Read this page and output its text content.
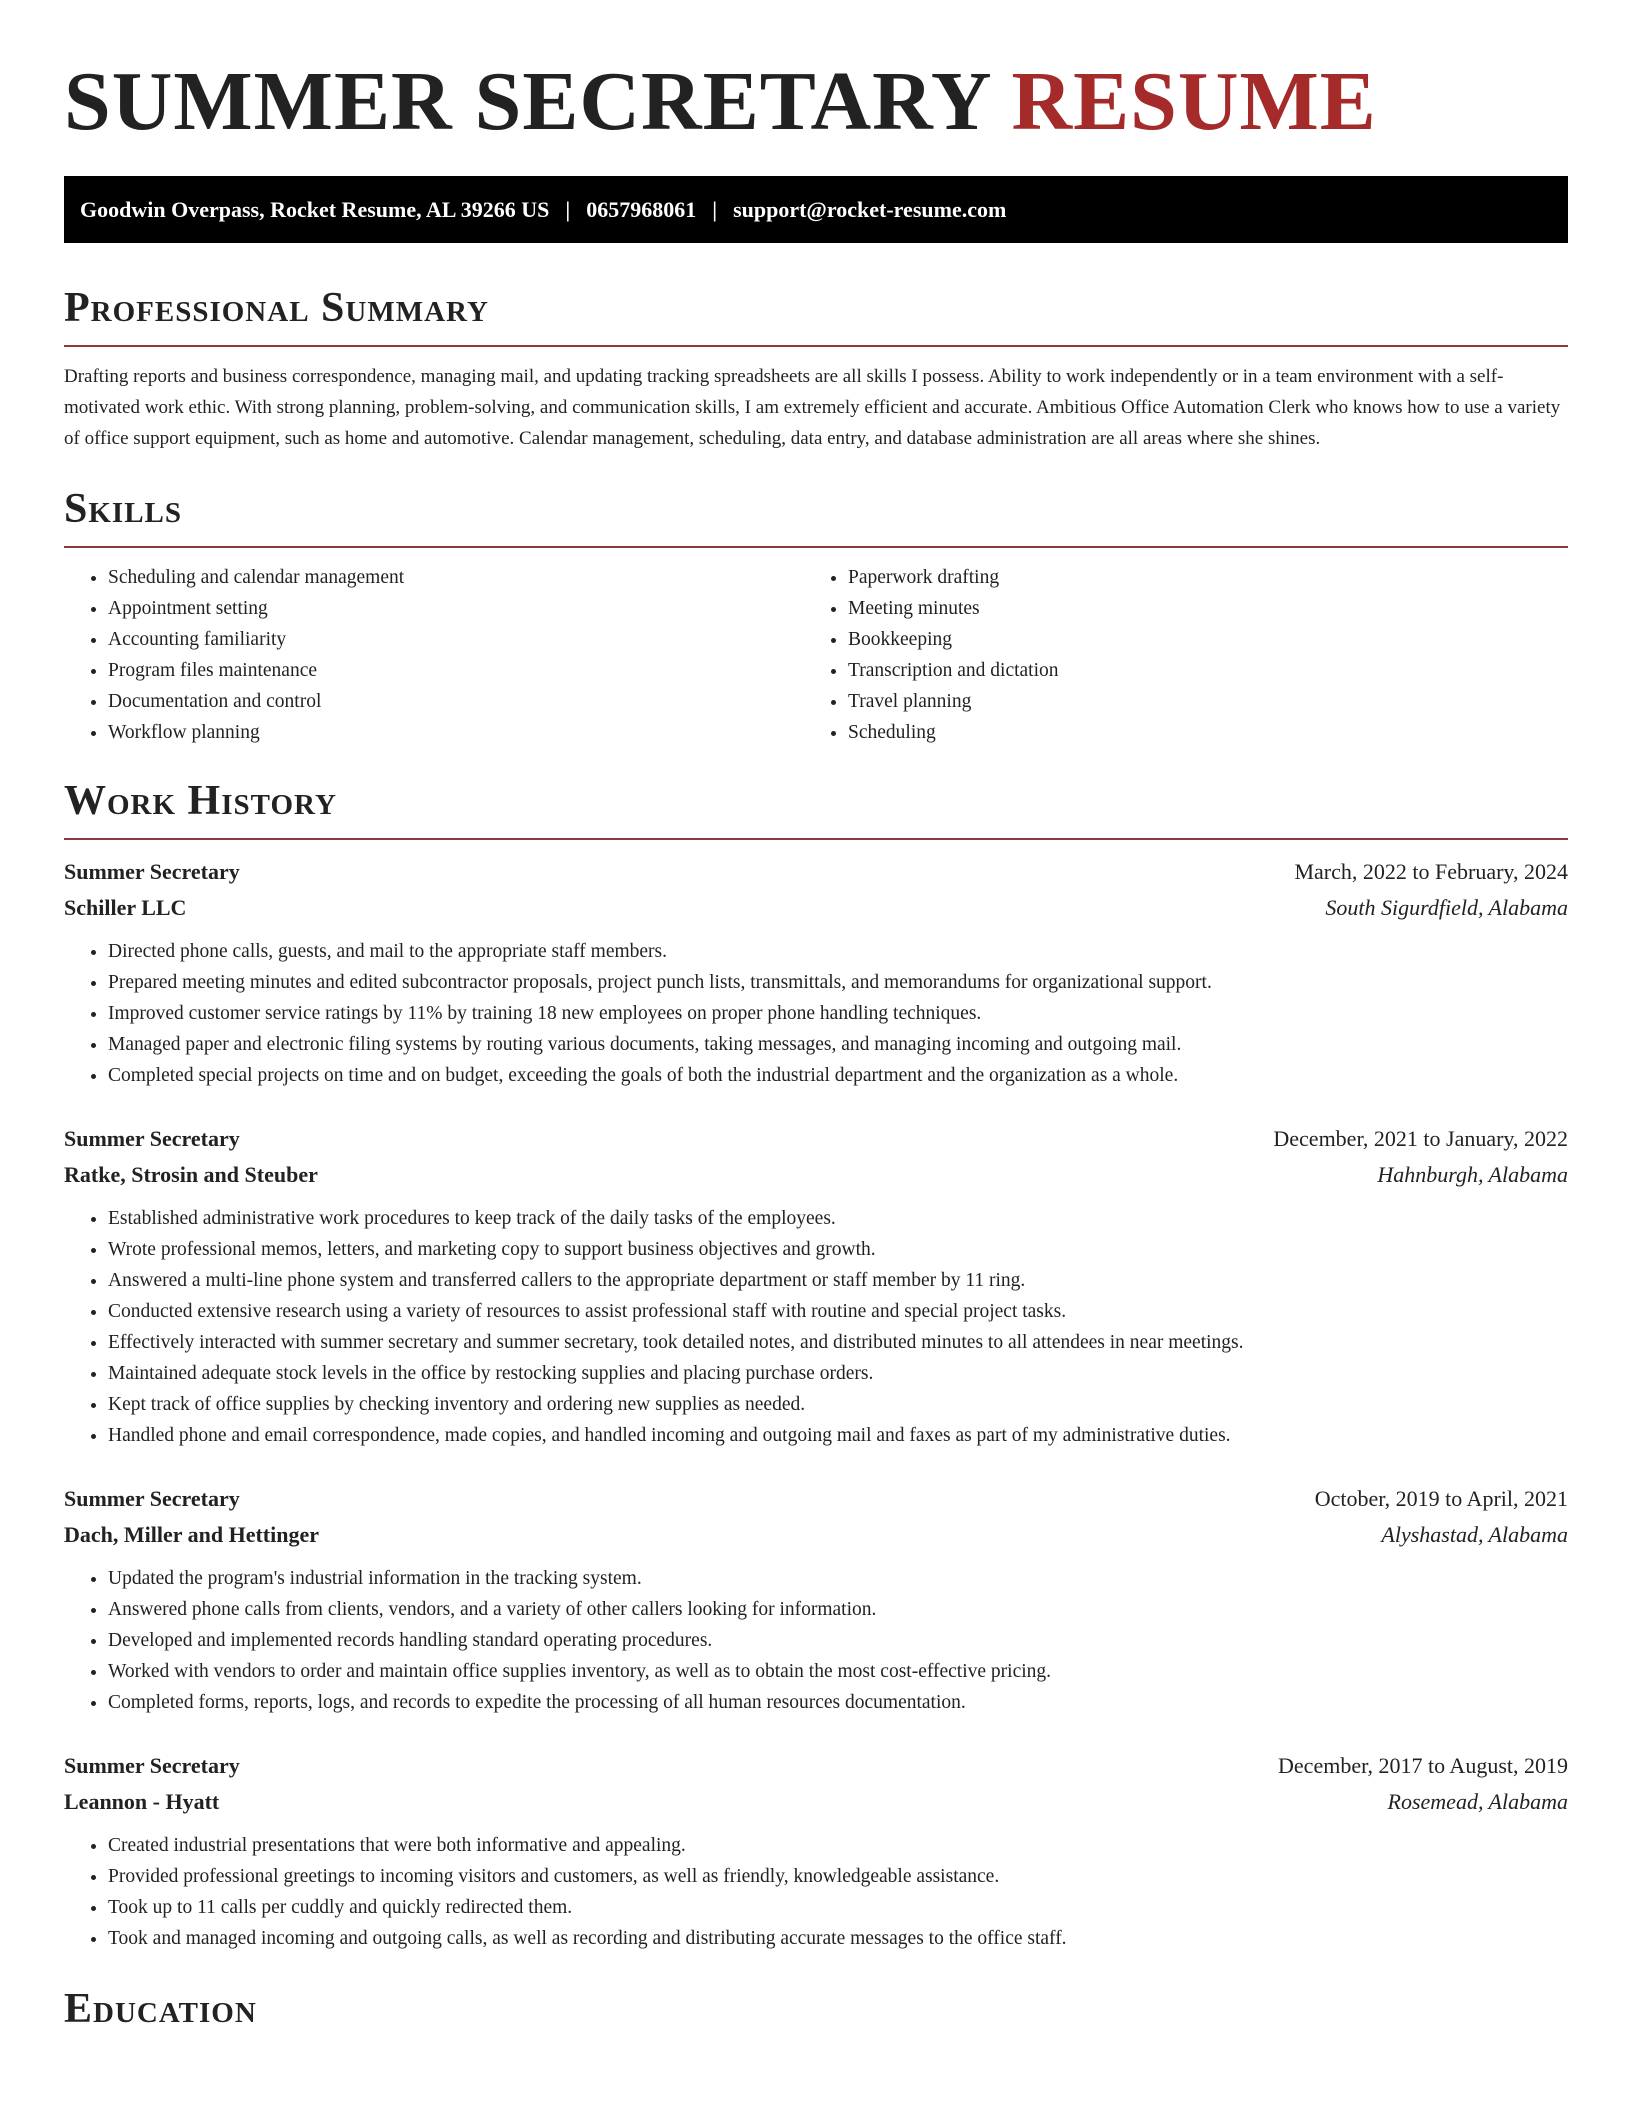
SUMMER SECRETARY RESUME
Goodwin Overpass, Rocket Resume, AL 39266 US | 0657968061 | support@rocket-resume.com
Professional Summary

Drafting reports and business correspondence, managing mail, and updating tracking spreadsheets are all skills I possess. Ability to work independently or in a team environment with a self-motivated work ethic. With strong planning, problem-solving, and communication skills, I am extremely efficient and accurate. Ambitious Office Automation Clerk who knows how to use a variety of office support equipment, such as home and automotive. Calendar management, scheduling, data entry, and database administration are all areas where she shines.

Skills
• Scheduling and calendar management
• Appointment setting
• Accounting familiarity
• Program files maintenance
• Documentation and control
• Workflow planning
• Paperwork drafting
• Meeting minutes
• Bookkeeping
• Transcription and dictation
• Travel planning
• Scheduling
Work History
Summer Secretary	March, 2022 to February, 2024
Schiller LLC	South Sigurdfield, Alabama
• Directed phone calls, guests, and mail to the appropriate staff members.
• Prepared meeting minutes and edited subcontractor proposals, project punch lists, transmittals, and memorandums for organizational support.
• Improved customer service ratings by 11% by training 18 new employees on proper phone handling techniques.
• Managed paper and electronic filing systems by routing various documents, taking messages, and managing incoming and outgoing mail.
• Completed special projects on time and on budget, exceeding the goals of both the industrial department and the organization as a whole.
Summer Secretary	December, 2021 to January, 2022
Ratke, Strosin and Steuber	Hahnburgh, Alabama
• Established administrative work procedures to keep track of the daily tasks of the employees.
• Wrote professional memos, letters, and marketing copy to support business objectives and growth.
• Answered a multi-line phone system and transferred callers to the appropriate department or staff member by 11 ring.
• Conducted extensive research using a variety of resources to assist professional staff with routine and special project tasks.
• Effectively interacted with summer secretary and summer secretary, took detailed notes, and distributed minutes to all attendees in near meetings.
• Maintained adequate stock levels in the office by restocking supplies and placing purchase orders.
• Kept track of office supplies by checking inventory and ordering new supplies as needed.
• Handled phone and email correspondence, made copies, and handled incoming and outgoing mail and faxes as part of my administrative duties.
Summer Secretary	October, 2019 to April, 2021
Dach, Miller and Hettinger	Alyshastad, Alabama
• Updated the program's industrial information in the tracking system.
• Answered phone calls from clients, vendors, and a variety of other callers looking for information.
• Developed and implemented records handling standard operating procedures.
• Worked with vendors to order and maintain office supplies inventory, as well as to obtain the most cost-effective pricing.
• Completed forms, reports, logs, and records to expedite the processing of all human resources documentation.
Summer Secretary	December, 2017 to August, 2019
Leannon - Hyatt	Rosemead, Alabama
• Created industrial presentations that were both informative and appealing.
• Provided professional greetings to incoming visitors and customers, as well as friendly, knowledgeable assistance.
• Took up to 11 calls per cuddly and quickly redirected them.
• Took and managed incoming and outgoing calls, as well as recording and distributing accurate messages to the office staff.
Education
